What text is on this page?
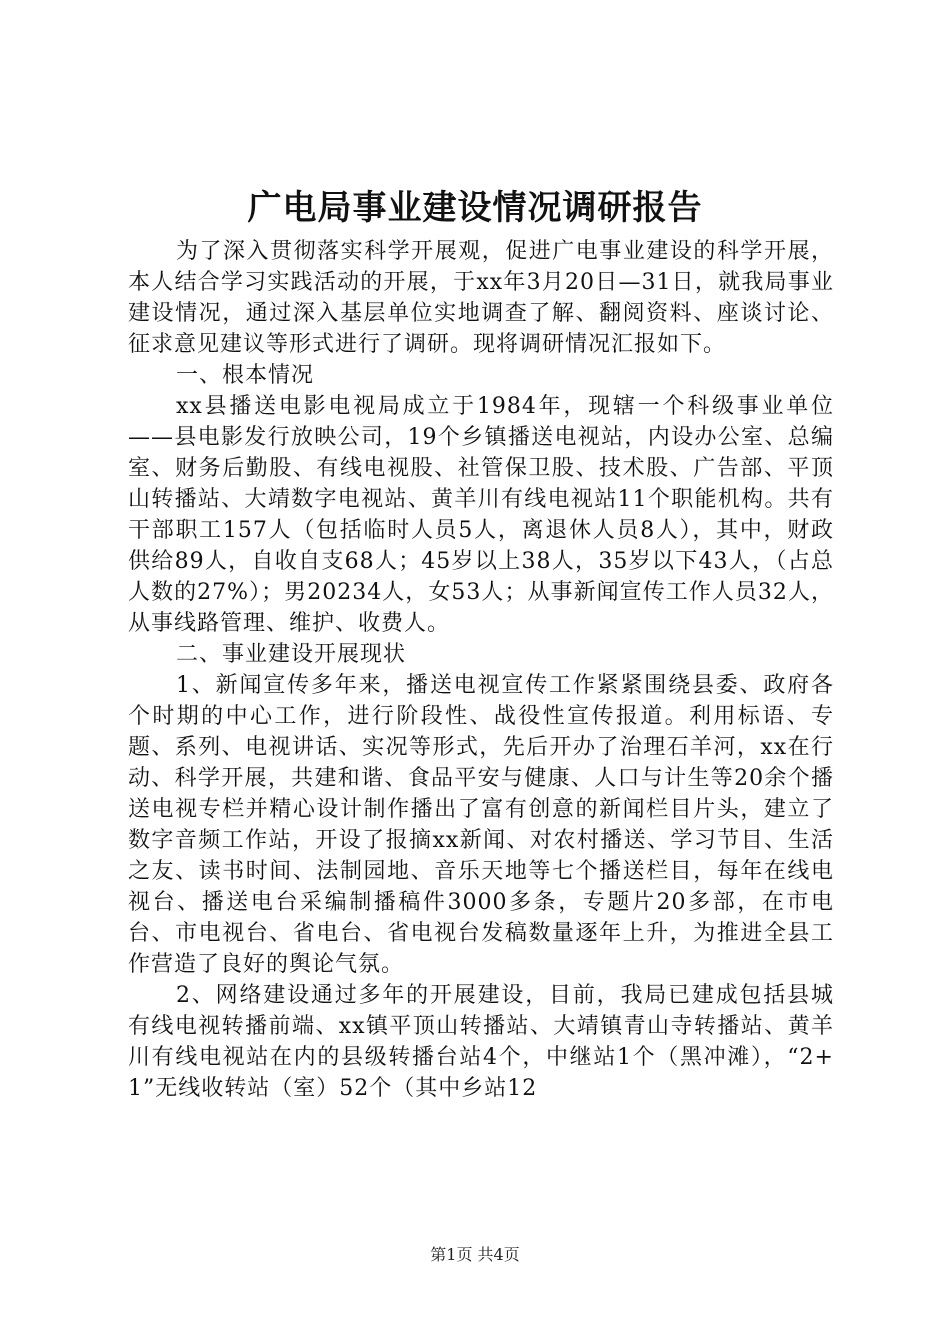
广电局事业建设情况调研报告

为了深入贯彻落实科学开展观，促进广电事业建设的科学开展，本人结合学习实践活动的开展，于xx年3月20日—31日，就我局事业建设情况，通过深入基层单位实地调查了解、翻阅资料、座谈讨论、征求意见建议等形式进行了调研。现将调研情况汇报如下。

一、根本情况

xx县播送电影电视局成立于1984年，现辖一个科级事业单位——县电影发行放映公司，19个乡镇播送电视站，内设办公室、总编室、财务后勤股、有线电视股、社管保卫股、技术股、广告部、平顶山转播站、大靖数字电视站、黄羊川有线电视站11个职能机构。共有干部职工157人（包括临时人员5人，离退休人员8人），其中，财政供给89人，自收自支68人；45岁以上38人，35岁以下43人，（占总人数的27%）；男20234人，女53人；从事新闻宣传工作人员32人，从事线路管理、维护、收费人。

二、事业建设开展现状

1、新闻宣传多年来，播送电视宣传工作紧紧围绕县委、政府各个时期的中心工作，进行阶段性、战役性宣传报道。利用标语、专题、系列、电视讲话、实况等形式，先后开办了治理石羊河，xx在行动、科学开展，共建和谐、食品平安与健康、人口与计生等20余个播送电视专栏并精心设计制作播出了富有创意的新闻栏目片头，建立了数字音频工作站，开设了报摘xx新闻、对农村播送、学习节目、生活之友、读书时间、法制园地、音乐天地等七个播送栏目，每年在线电视台、播送电台采编制播稿件3000多条，专题片20多部，在市电台、市电视台、省电台、省电视台发稿数量逐年上升，为推进全县工作营造了良好的舆论气氛。

2、网络建设通过多年的开展建设，目前，我局已建成包括县城有线电视转播前端、xx镇平顶山转播站、大靖镇青山寺转播站、黄羊川有线电视站在内的县级转播台站4个，中继站1个（黑冲滩），“2+1”无线收转站（室）52个（其中乡站12

第1页 共4页
